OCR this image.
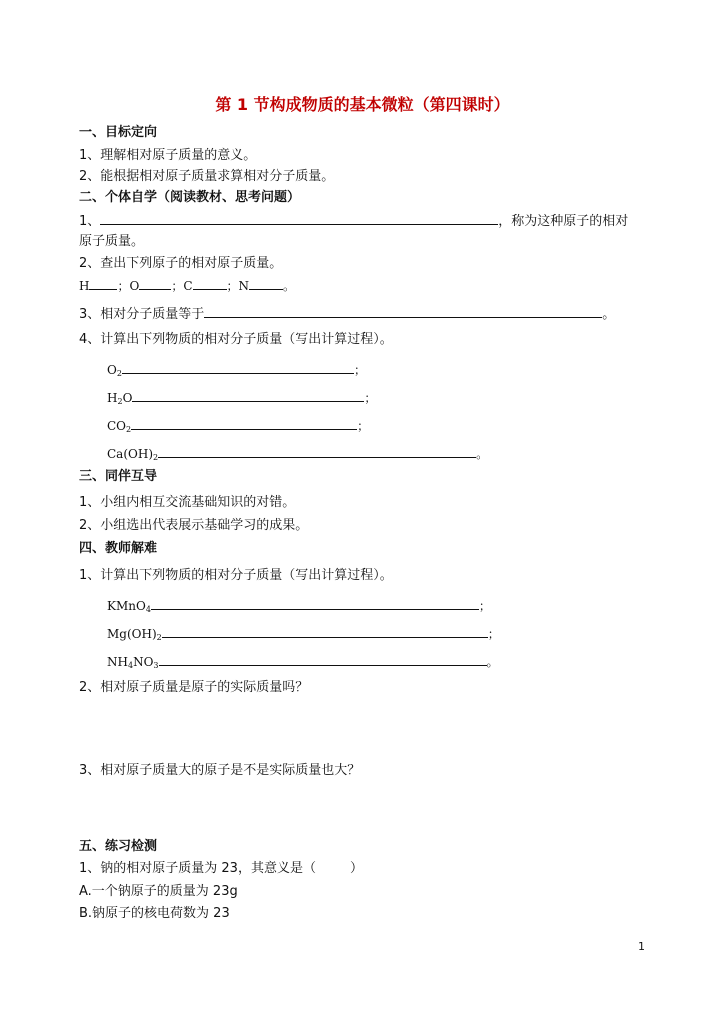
第 1 节构成物质的基本微粒（第四课时）
一、目标定向
1、理解相对原子质量的意义。
2、能根据相对原子质量求算相对分子质量。
二、个体自学（阅读教材、思考问题）
1、	，称为这种原子的相对
原子质量。
2、查出下列原子的相对原子质量。
H ；O	；C	；N	。
3、相对分子质量等于	。
4、计算出下列物质的相对分子质量（写出计算过程）。
$O_2$	；
$H_2O$	；
$CO_2$	；
$Ca(OH)_2$	。
三、同伴互导
1、小组内相互交流基础知识的对错。
2、小组选出代表展示基础学习的成果。
四、教师解难
1、计算出下列物质的相对分子质量（写出计算过程）。
KMnO$_4$	；
$Mg(OH)_2$	；
$NH_4NO_3$	。
2、相对原子质量是原子的实际质量吗？
3、相对原子质量大的原子是不是实际质量也大？
五、练习检测
1、钠的相对原子质量为 23，其意义是（	）
A.一个钠原子的质量为 23g
B.钠原子的核电荷数为 23
1
